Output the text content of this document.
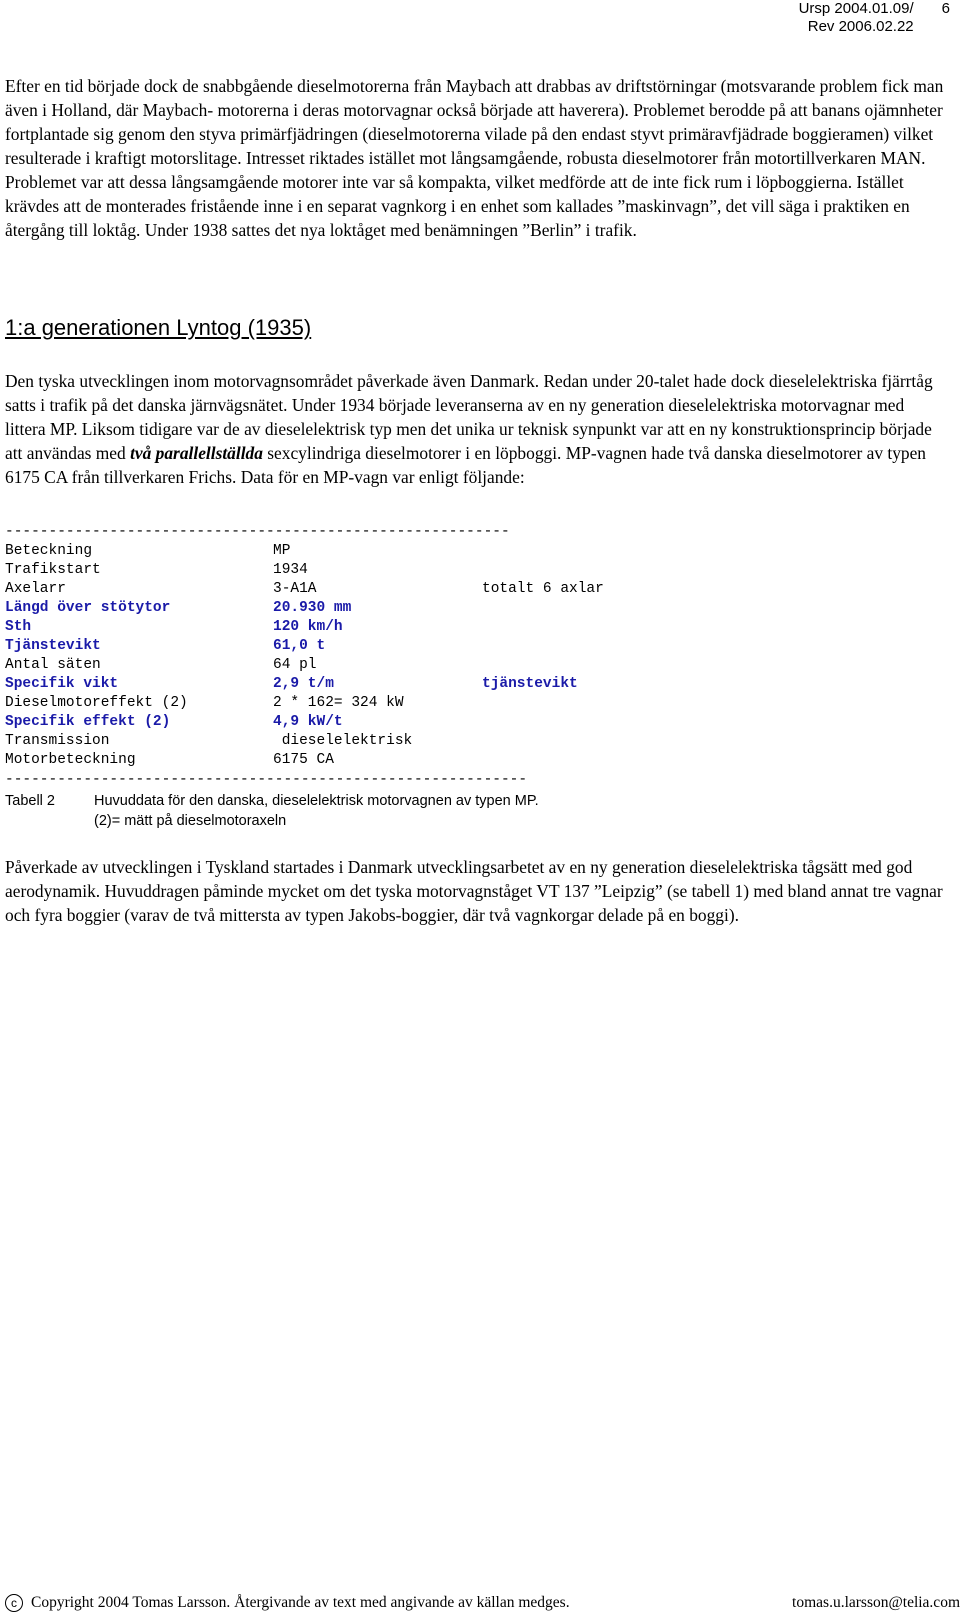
Ursp 2004.01.09/
Rev 2006.02.22
6

Efter en tid började dock de snabbgående dieselmotorerna från Maybach att drabbas av driftstörningar (motsvarande problem fick man även i Holland, där Maybach- motorerna i deras motorvagnar också började att haverera). Problemet berodde på att banans ojämnheter fortplantade sig genom den styva primärfjädringen (dieselmotorerna vilade på den endast styvt primäravfjädrade boggieramen) vilket resulterade i kraftigt motorslitage. Intresset riktades istället mot långsamgående, robusta dieselmotorer från motortillverkaren MAN. Problemet var att dessa långsamgående motorer inte var så kompakta, vilket medförde att de inte fick rum i löpboggierna. Istället krävdes att de monterades fristående inne i en separat vagnkorg i en enhet som kallades ”maskinvagn”, det vill säga i praktiken en återgång till loktåg. Under 1938 sattes det nya loktåget med benämningen ”Berlin” i trafik.

1:a generationen Lyntog (1935)

Den tyska utvecklingen inom motorvagnsområdet påverkade även Danmark. Redan under 20-talet hade dock dieselelektriska fjärrtåg satts i trafik på det danska järnvägsnätet. Under 1934 började leveranserna av en ny generation dieselelektriska motorvagnar med littera MP. Liksom tidigare var de av dieselelektrisk typ men det unika ur teknisk synpunkt var att en ny konstruktionsprincip började att användas med två parallellställda sexcylindriga dieselmotorer i en löpboggi. MP-vagnen hade två danska dieselmotorer av typen 6175 CA från tillverkaren Frichs. Data för en MP-vagn var enligt följande:

----------------------------------------------------------
Beteckning	MP	
Trafikstart	1934	
Axelarr	3-A1A	totalt 6 axlar
Längd över stötytor	20.930 mm	
Sth	120 km/h	
Tjänstevikt	61,0 t	
Antal säten	64 pl	
Specifik vikt	2,9 t/m	tjänstevikt
Dieselmotoreffekt (2)	2 * 162= 324 kW	
Specifik effekt (2)	4,9 kW/t	
Transmission	dieselelektrisk	
Motorbeteckning	6175 CA	
------------------------------------------------------------
Tabell 2	Huvuddata för den danska, dieselelektrisk motorvagnen av typen MP.
(2)= mätt på dieselmotoraxeln

Påverkade av utvecklingen i Tyskland startades i Danmark utvecklingsarbetet av en ny generation dieselelektriska tågsätt med god aerodynamik. Huvuddragen påminde mycket om det tyska motorvagnståget VT 137 ”Leipzig” (se tabell 1) med bland annat tre vagnar och fyra boggier (varav de två mittersta av typen Jakobs-boggier, där två vagnkorgar delade på en boggi).

c Copyright 2004 Tomas Larsson. Återgivande av text med angivande av källan medges.	tomas.u.larsson@telia.com
